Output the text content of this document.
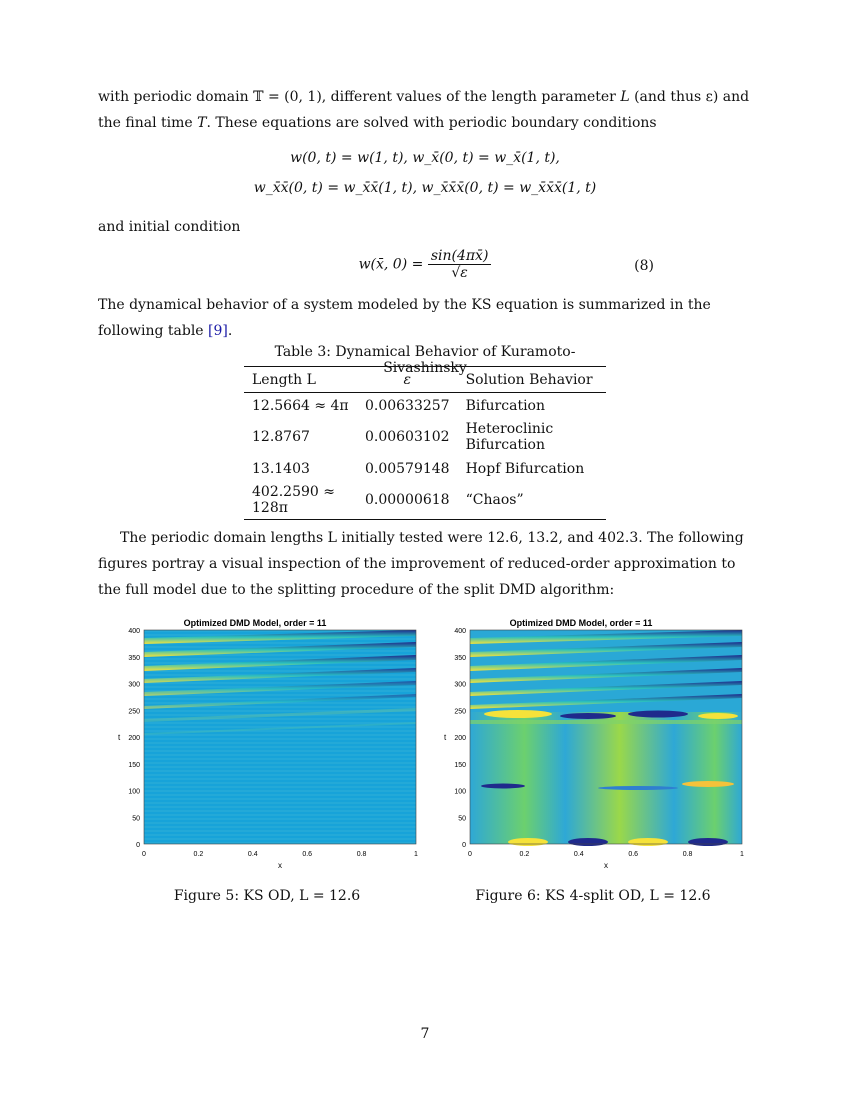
with periodic domain 𝕋 = (0, 1), different values of the length parameter L (and thus ε) and the final time T. These equations are solved with periodic boundary conditions

w(0, t) = w(1, t), w_x̄(0, t) = w_x̄(1, t),
w_x̄x̄(0, t) = w_x̄x̄(1, t), w_x̄x̄x̄(0, t) = w_x̄x̄x̄(1, t)

and initial condition

w(x̄, $0) = \frac{\sin(4\pi x̄)}{√\varepsilon}$	(8)

The dynamical behavior of a system modeled by the KS equation is summarized in the following table [9].

Table 3: Dynamical Behavior of Kuramoto-Sivashinsky
Length L	ε	Solution Behavior
12.5664 ≈ 4π	0.00633257	Bifurcation
12.8767	0.00603102	Heteroclinic Bifurcation
13.1403	0.00579148	Hopf Bifurcation
402.2590 ≈ 128π	0.00000618	“Chaos”

The periodic domain lengths L initially tested were 12.6, 13.2, and 402.3. The following figures portray a visual inspection of the improvement of reduced-order approximation to the full model due to the splitting procedure of the split DMD algorithm:

Optimized DMD Model, order = 11
0
50
100
150
200
250
300
350
400
0	0.2	0.4	0.6	0.8	1
x
t
Figure 5: KS OD, L = 12.6
Optimized DMD Model, order = 11
0
50
100
150
200
250
300
350
400
0	0.2	0.4	0.6	0.8	1
x
t
Figure 6: KS 4-split OD, L = 12.6
7
